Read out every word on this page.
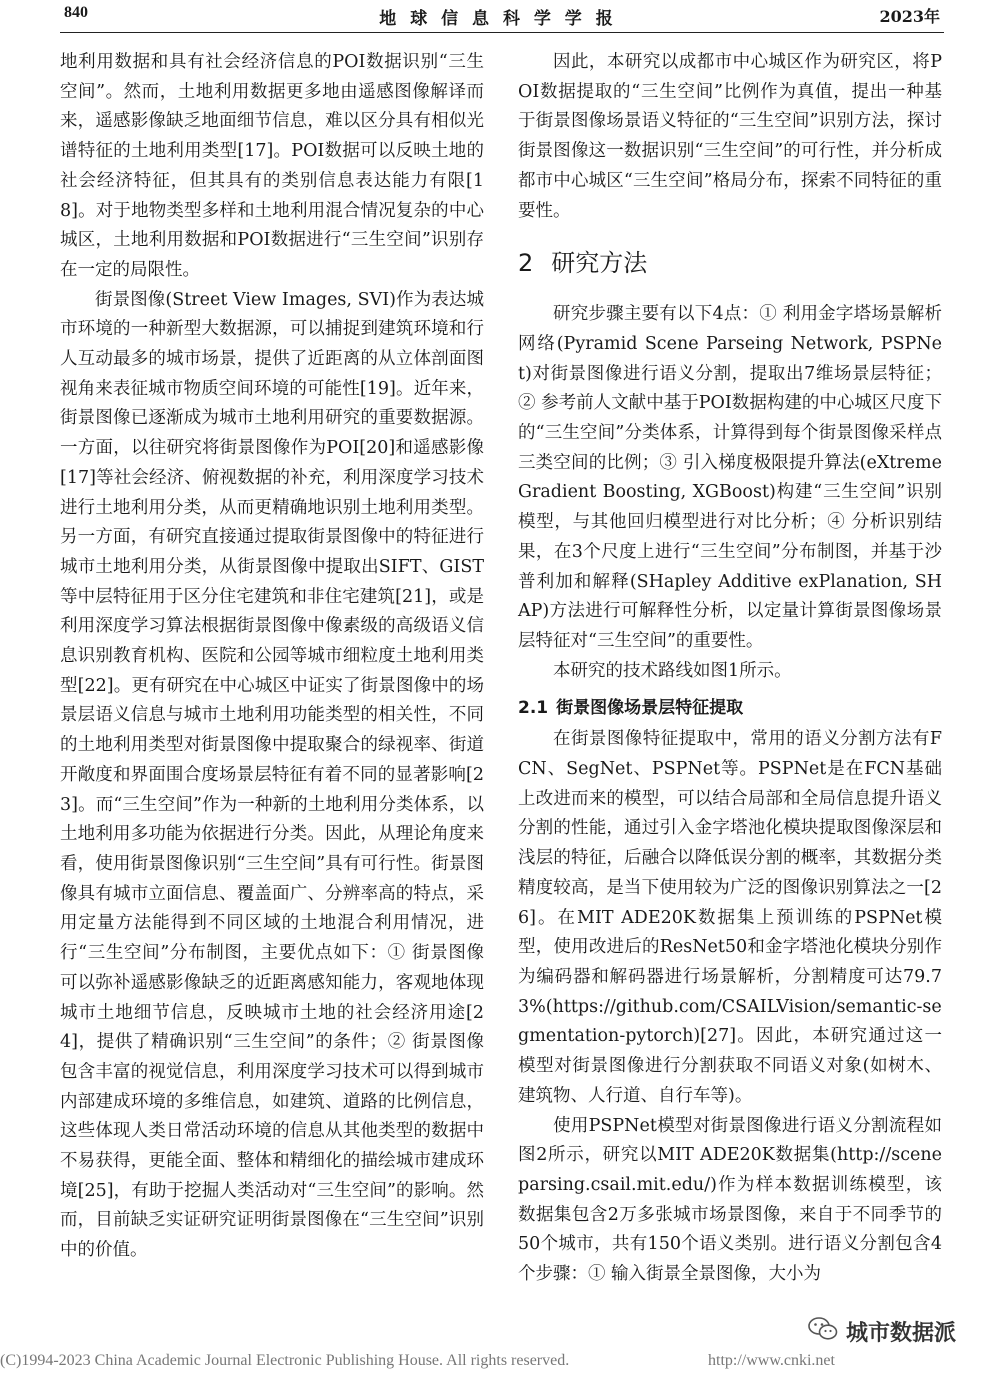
840	地 球 信 息 科 学 学 报	2023年

地利用数据和具有社会经济信息的POI数据识别“三生空间”。然而，土地利用数据更多地由遥感图像解译而来，遥感影像缺乏地面细节信息，难以区分具有相似光谱特征的土地利用类型[17]。POI数据可以反映土地的社会经济特征，但其具有的类别信息表达能力有限[18]。对于地物类型多样和土地利用混合情况复杂的中心城区，土地利用数据和POI数据进行“三生空间”识别存在一定的局限性。

街景图像(Street View Images, SVI)作为表达城市环境的一种新型大数据源，可以捕捉到建筑环境和行人互动最多的城市场景，提供了近距离的从立体剖面图视角来表征城市物质空间环境的可能性[19]。近年来，街景图像已逐渐成为城市土地利用研究的重要数据源。一方面，以往研究将街景图像作为POI[20]和遥感影像[17]等社会经济、俯视数据的补充，利用深度学习技术进行土地利用分类，从而更精确地识别土地利用类型。另一方面，有研究直接通过提取街景图像中的特征进行城市土地利用分类，从街景图像中提取出SIFT、GIST等中层特征用于区分住宅建筑和非住宅建筑[21]，或是利用深度学习算法根据街景图像中像素级的高级语义信息识别教育机构、医院和公园等城市细粒度土地利用类型[22]。更有研究在中心城区中证实了街景图像中的场景层语义信息与城市土地利用功能类型的相关性，不同的土地利用类型对街景图像中提取聚合的绿视率、街道开敞度和界面围合度场景层特征有着不同的显著影响[23]。而“三生空间”作为一种新的土地利用分类体系，以土地利用多功能为依据进行分类。因此，从理论角度来看，使用街景图像识别“三生空间”具有可行性。街景图像具有城市立面信息、覆盖面广、分辨率高的特点，采用定量方法能得到不同区域的土地混合利用情况，进行“三生空间”分布制图，主要优点如下：① 街景图像可以弥补遥感影像缺乏的近距离感知能力，客观地体现城市土地细节信息，反映城市土地的社会经济用途[24]，提供了精确识别“三生空间”的条件；② 街景图像包含丰富的视觉信息，利用深度学习技术可以得到城市内部建成环境的多维信息，如建筑、道路的比例信息，这些体现人类日常活动环境的信息从其他类型的数据中不易获得，更能全面、整体和精细化的描绘城市建成环境[25]，有助于挖掘人类活动对“三生空间”的影响。然而，目前缺乏实证研究证明街景图像在“三生空间”识别中的价值。

因此，本研究以成都市中心城区作为研究区，将POI数据提取的“三生空间”比例作为真值，提出一种基于街景图像场景语义特征的“三生空间”识别方法，探讨街景图像这一数据识别“三生空间”的可行性，并分析成都市中心城区“三生空间”格局分布，探索不同特征的重要性。

2 研究方法

研究步骤主要有以下4点：① 利用金字塔场景解析网络(Pyramid Scene Parseing Network, PSPNet)对街景图像进行语义分割，提取出7维场景层特征；② 参考前人文献中基于POI数据构建的中心城区尺度下的“三生空间”分类体系，计算得到每个街景图像采样点三类空间的比例；③ 引入梯度极限提升算法(eXtreme Gradient Boosting, XGBoost)构建“三生空间”识别模型，与其他回归模型进行对比分析；④ 分析识别结果，在3个尺度上进行“三生空间”分布制图，并基于沙普利加和解释(SHapley Additive exPlanation, SHAP)方法进行可解释性分析，以定量计算街景图像场景层特征对“三生空间”的重要性。

本研究的技术路线如图1所示。

2.1 街景图像场景层特征提取

在街景图像特征提取中，常用的语义分割方法有FCN、SegNet、PSPNet等。PSPNet是在FCN基础上改进而来的模型，可以结合局部和全局信息提升语义分割的性能，通过引入金字塔池化模块提取图像深层和浅层的特征，后融合以降低误分割的概率，其数据分类精度较高，是当下使用较为广泛的图像识别算法之一[26]。在MIT ADE20K数据集上预训练的PSPNet模型，使用改进后的ResNet50和金字塔池化模块分别作为编码器和解码器进行场景解析，分割精度可达79.73%(https://github.com/CSAILVision/semantic-segmentation-pytorch)[27]。因此，本研究通过这一模型对街景图像进行分割获取不同语义对象(如树木、建筑物、人行道、自行车等)。

使用PSPNet模型对街景图像进行语义分割流程如图2所示，研究以MIT ADE20K数据集(http://sceneparsing.csail.mit.edu/)作为样本数据训练模型，该数据集包含2万多张城市场景图像，来自于不同季节的50个城市，共有150个语义类别。进行语义分割包含4个步骤：① 输入街景全景图像，大小为

城市数据派
(C)1994-2023 China Academic Journal Electronic Publishing House. All rights reserved.	http://www.cnki.net
